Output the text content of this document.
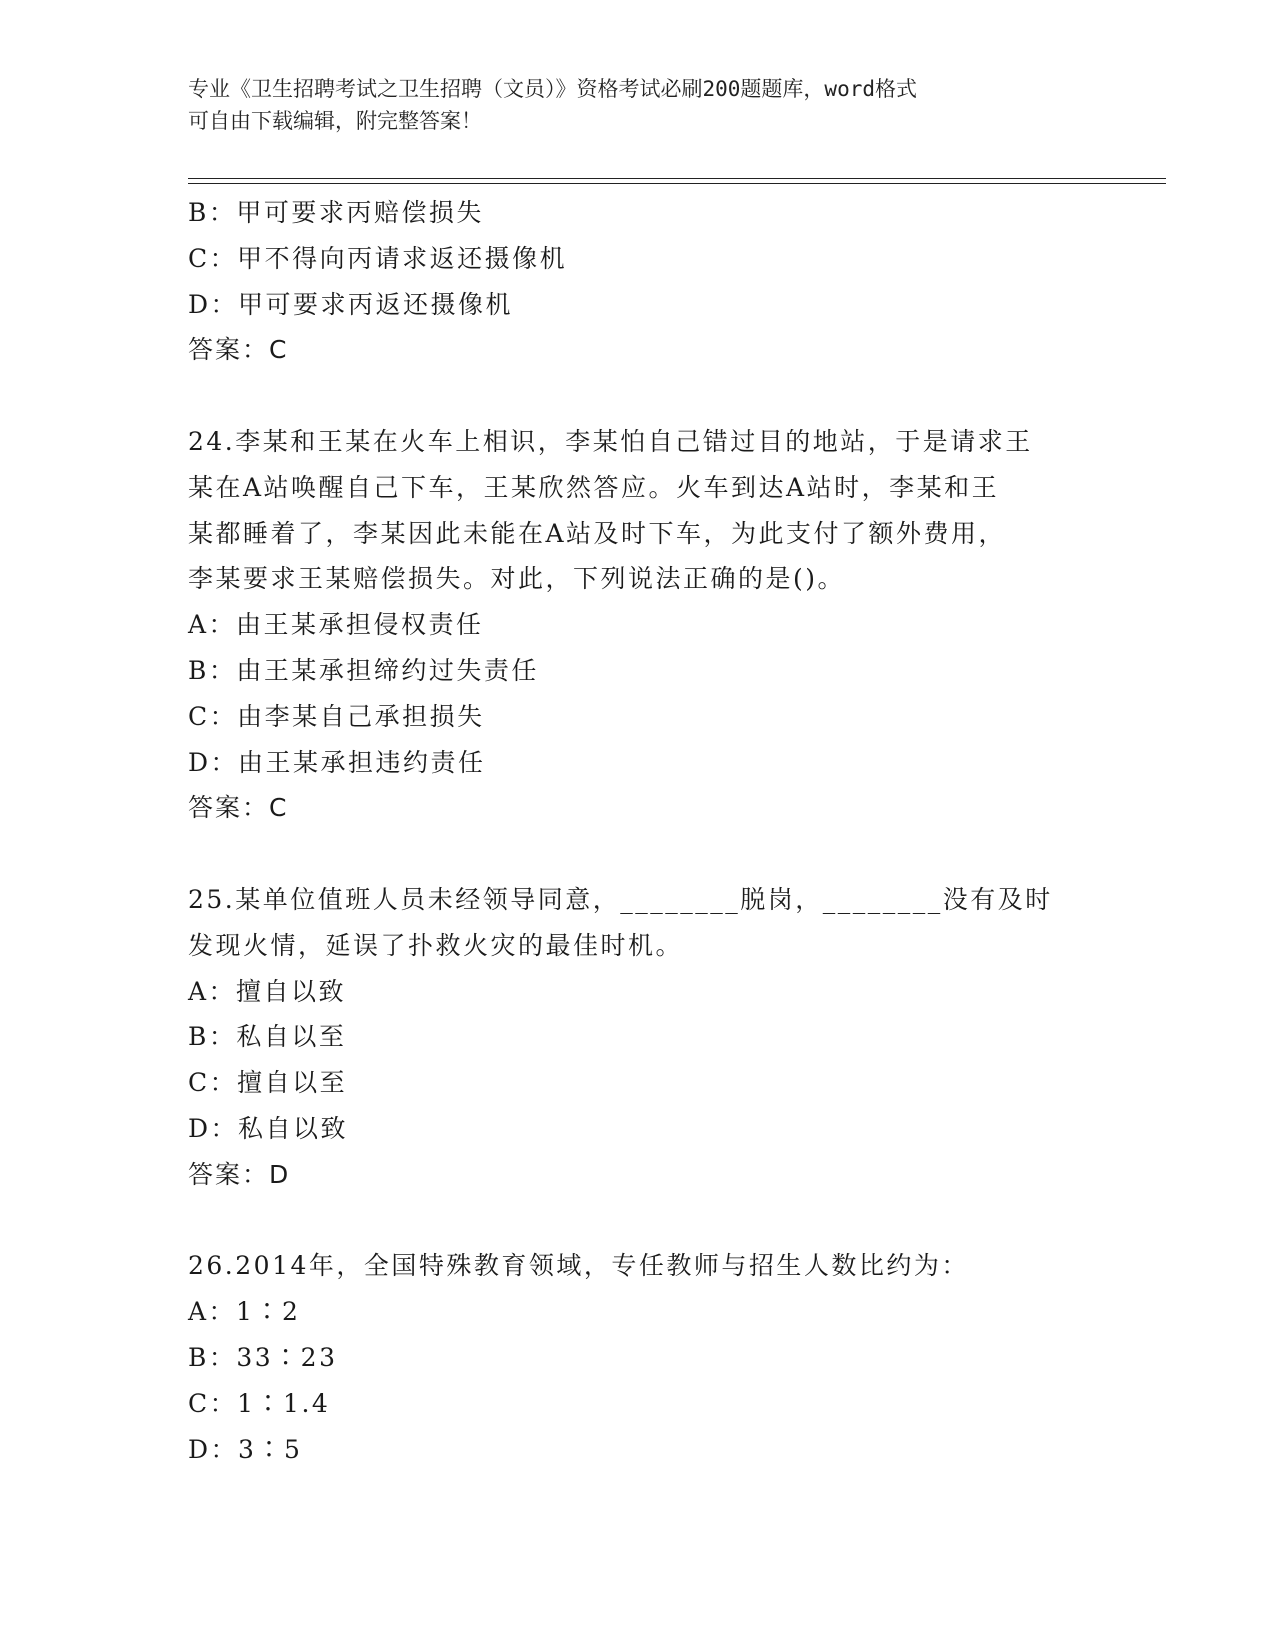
专业《卫生招聘考试之卫生招聘（文员）》资格考试必刷200题题库，word格式
可自由下载编辑，附完整答案！
B：甲可要求丙赔偿损失
C：甲不得向丙请求返还摄像机
D：甲可要求丙返还摄像机
答案：C
24.李某和王某在火车上相识，李某怕自己错过目的地站，于是请求王
某在A站唤醒自己下车，王某欣然答应。火车到达A站时，李某和王
某都睡着了，李某因此未能在A站及时下车，为此支付了额外费用，
李某要求王某赔偿损失。对此，下列说法正确的是()。
A：由王某承担侵权责任
B：由王某承担缔约过失责任
C：由李某自己承担损失
D：由王某承担违约责任
答案：C
25.某单位值班人员未经领导同意，________脱岗，________没有及时
发现火情，延误了扑救火灾的最佳时机。
A：擅自以致
B：私自以至
C：擅自以至
D：私自以致
答案：D
26.2014年，全国特殊教育领域，专任教师与招生人数比约为：
A：1∶2
B：33∶23
C：1∶1.4
D：3∶5
